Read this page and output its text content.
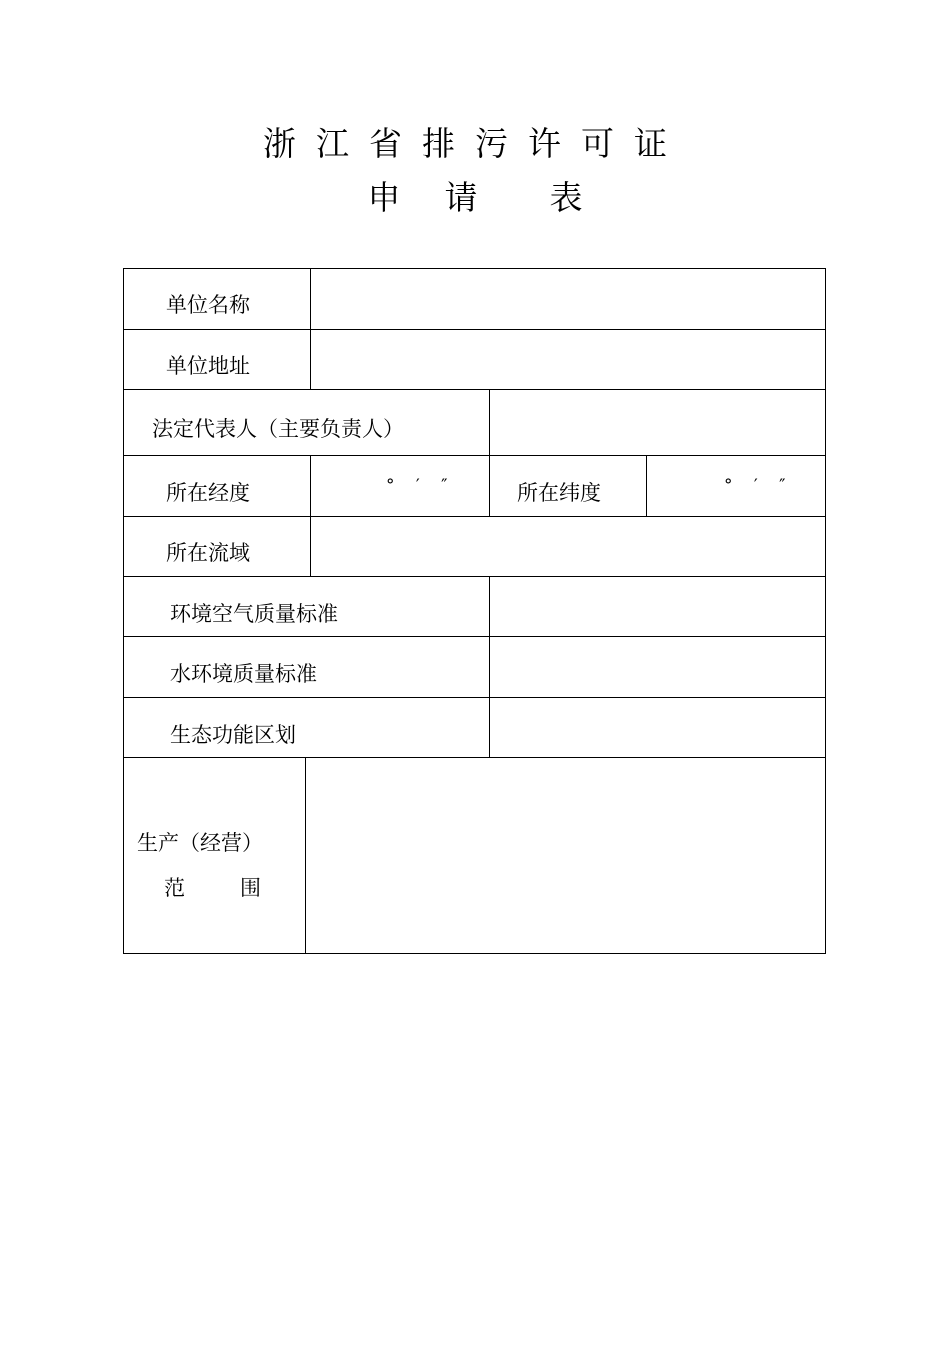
浙江省排污许可证
申 请 表
单位名称
单位地址
法定代表人（主要负责人）
所在经度	° ′ ″	所在纬度	° ′ ″
所在流域
环境空气质量标准
水环境质量标准
生态功能区划
生产（经营）
范	围
